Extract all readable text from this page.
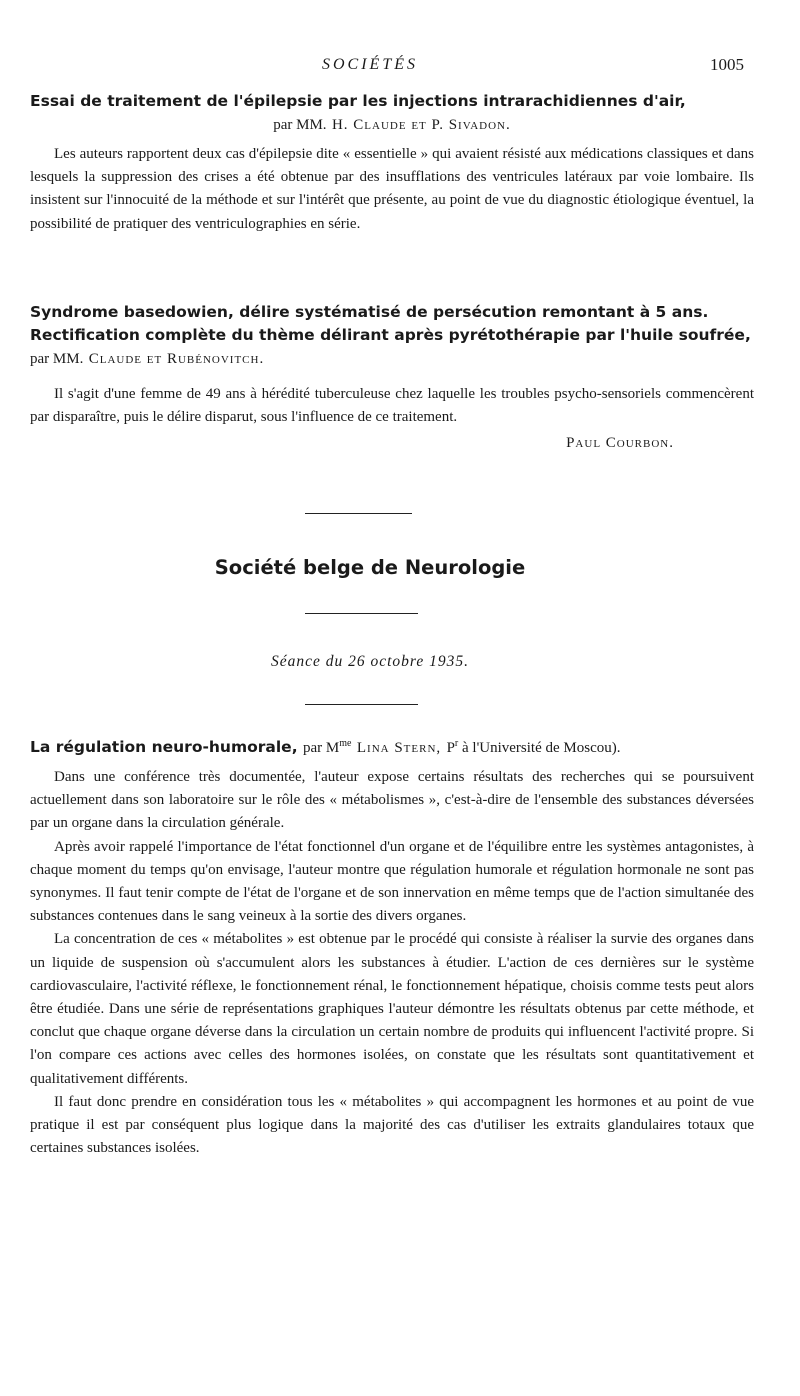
SOCIÉTÉS	1005
Essai de traitement de l'épilepsie par les injections intrarachidiennes d'air,
par MM. H. Claude et P. Sivadon.

Les auteurs rapportent deux cas d'épilepsie dite « essentielle » qui avaient résisté aux médications classiques et dans lesquels la suppression des crises a été obtenue par des insufflations des ventricules latéraux par voie lombaire. Ils insistent sur l'innocuité de la méthode et sur l'intérêt que présente, au point de vue du diagnostic étiologique éventuel, la possibilité de pratiquer des ventriculographies en série.

Syndrome basedowien, délire systématisé de persécution remontant à 5 ans. Rectification complète du thème délirant après pyrétothérapie par l'huile soufrée, par MM. Claude et Rubénovitch.

Il s'agit d'une femme de 49 ans à hérédité tuberculeuse chez laquelle les troubles psycho-sensoriels commencèrent par disparaître, puis le délire disparut, sous l'influence de ce traitement.

Paul Courbon.
Société belge de Neurologie
Séance du 26 octobre 1935.
La régulation neuro-humorale, par $M^{me}$ Lina Stern, $P^r$ à l'Université de Moscou).

Dans une conférence très documentée, l'auteur expose certains résultats des recherches qui se poursuivent actuellement dans son laboratoire sur le rôle des « métabolismes », c'est-à-dire de l'ensemble des substances déversées par un organe dans la circulation générale.

Après avoir rappelé l'importance de l'état fonctionnel d'un organe et de l'équilibre entre les systèmes antagonistes, à chaque moment du temps qu'on envisage, l'auteur montre que régulation humorale et régulation hormonale ne sont pas synonymes. Il faut tenir compte de l'état de l'organe et de son innervation en même temps que de l'action simultanée des substances contenues dans le sang veineux à la sortie des divers organes.

La concentration de ces « métabolites » est obtenue par le procédé qui consiste à réaliser la survie des organes dans un liquide de suspension où s'accumulent alors les substances à étudier. L'action de ces dernières sur le système cardiovasculaire, l'activité réflexe, le fonctionnement rénal, le fonctionnement hépatique, choisis comme tests peut alors être étudiée. Dans une série de représentations graphiques l'auteur démontre les résultats obtenus par cette méthode, et conclut que chaque organe déverse dans la circulation un certain nombre de produits qui influencent l'activité propre. Si l'on compare ces actions avec celles des hormones isolées, on constate que les résultats sont quantitativement et qualitativement différents.

Il faut donc prendre en considération tous les « métabolites » qui accompagnent les hormones et au point de vue pratique il est par conséquent plus logique dans la majorité des cas d'utiliser les extraits glandulaires totaux que certaines substances isolées.
